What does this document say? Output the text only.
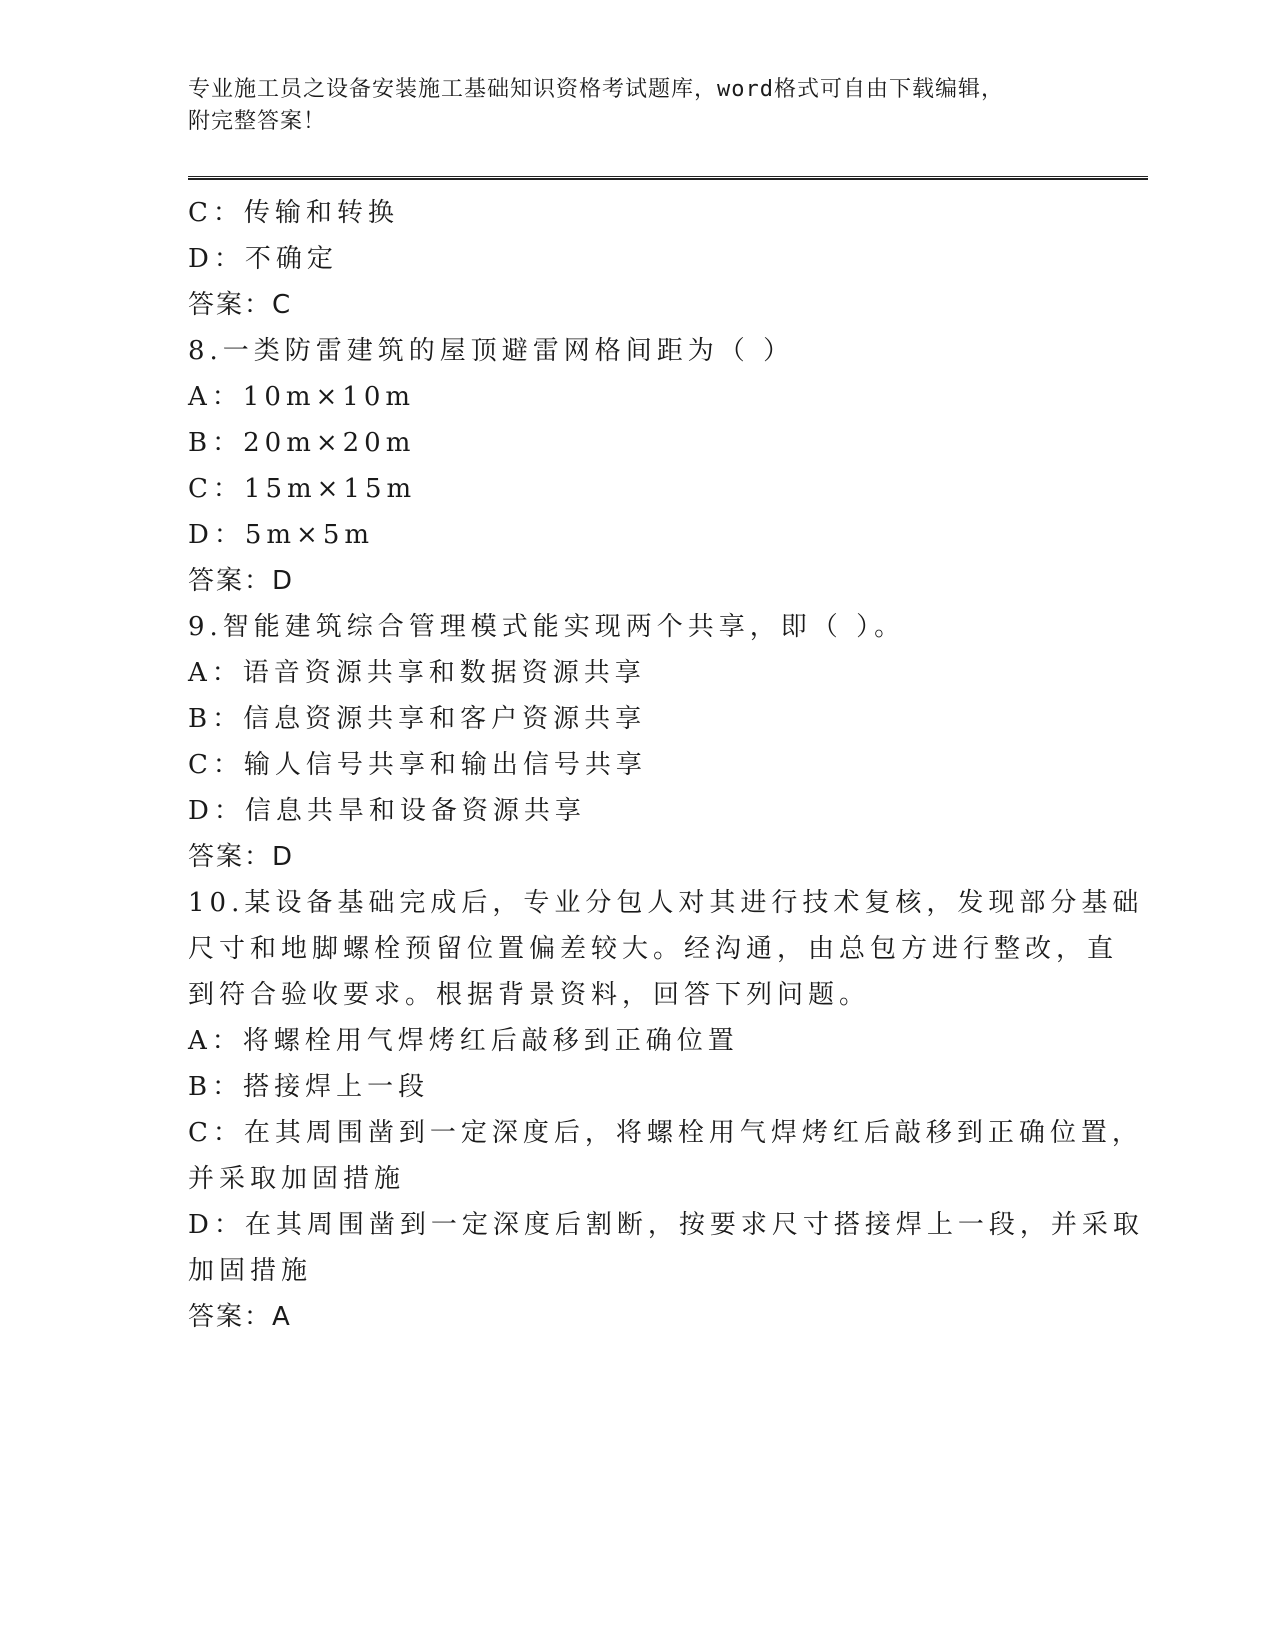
专业施工员之设备安装施工基础知识资格考试题库，word格式可自由下载编辑，
附完整答案！
C：传输和转换
D：不确定
答案：C
8.一类防雷建筑的屋顶避雷网格间距为（ ）
A：10m×10m
B：20m×20m
C：15m×15m
D：5m×5m
答案：D
9.智能建筑综合管理模式能实现两个共享，即（ ）。
A：语音资源共享和数据资源共享
B：信息资源共享和客户资源共享
C：输人信号共享和输出信号共享
D：信息共旱和设备资源共享
答案：D
10.某设备基础完成后，专业分包人对其进行技术复核，发现部分基础
尺寸和地脚螺栓预留位置偏差较大。经沟通，由总包方进行整改，直
到符合验收要求。根据背景资料，回答下列问题。
A：将螺栓用气焊烤红后敲移到正确位置
B：搭接焊上一段
C：在其周围凿到一定深度后，将螺栓用气焊烤红后敲移到正确位置，
并采取加固措施
D：在其周围凿到一定深度后割断，按要求尺寸搭接焊上一段，并采取
加固措施
答案：A
